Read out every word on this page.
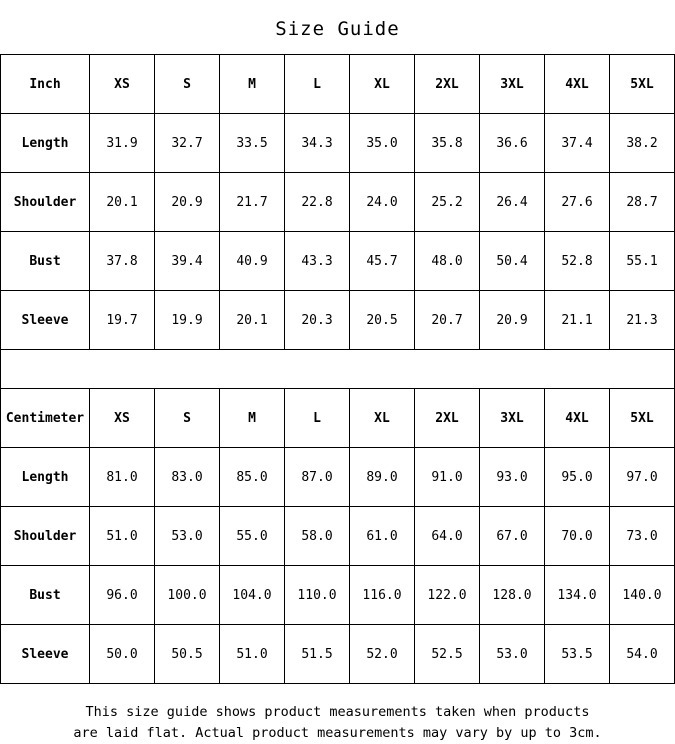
Size Guide
Inch	XS	S	M	L	XL	2XL	3XL	4XL	5XL
Length	31.9	32.7	33.5	34.3	35.0	35.8	36.6	37.4	38.2
Shoulder	20.1	20.9	21.7	22.8	24.0	25.2	26.4	27.6	28.7
Bust	37.8	39.4	40.9	43.3	45.7	48.0	50.4	52.8	55.1
Sleeve	19.7	19.9	20.1	20.3	20.5	20.7	20.9	21.1	21.3
Centimeter	XS	S	M	L	XL	2XL	3XL	4XL	5XL
Length	81.0	83.0	85.0	87.0	89.0	91.0	93.0	95.0	97.0
Shoulder	51.0	53.0	55.0	58.0	61.0	64.0	67.0	70.0	73.0
Bust	96.0	100.0	104.0	110.0	116.0	122.0	128.0	134.0	140.0
Sleeve	50.0	50.5	51.0	51.5	52.0	52.5	53.0	53.5	54.0
This size guide shows product measurements taken when products
are laid flat. Actual product measurements may vary by up to 3cm.
